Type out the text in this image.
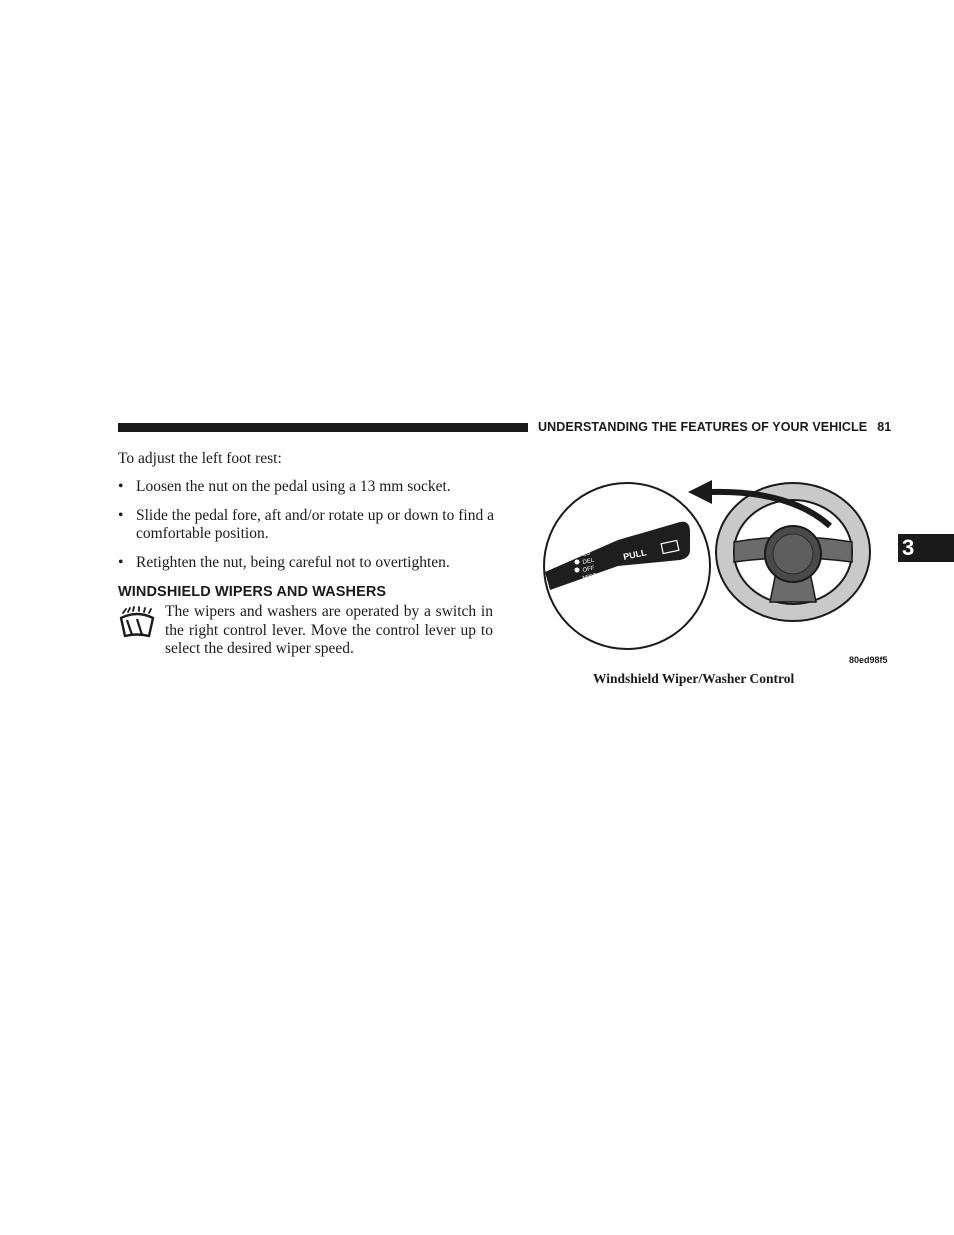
UNDERSTANDING THE FEATURES OF YOUR VEHICLE 81
3
To adjust the left foot rest:
• Loosen the nut on the pedal using a 13 mm socket.
• Slide the pedal fore, aft and/or rotate up or down to find a comfortable position.
• Retighten the nut, being careful not to overtighten.
WINDSHIELD WIPERS AND WASHERS
The wipers and washers are operated by a switch in the right control lever. Move the control lever up to select the desired wiper speed.
PULL
HI
LO
DEL
OFF
MIST
80ed98f5
Windshield Wiper/Washer Control
